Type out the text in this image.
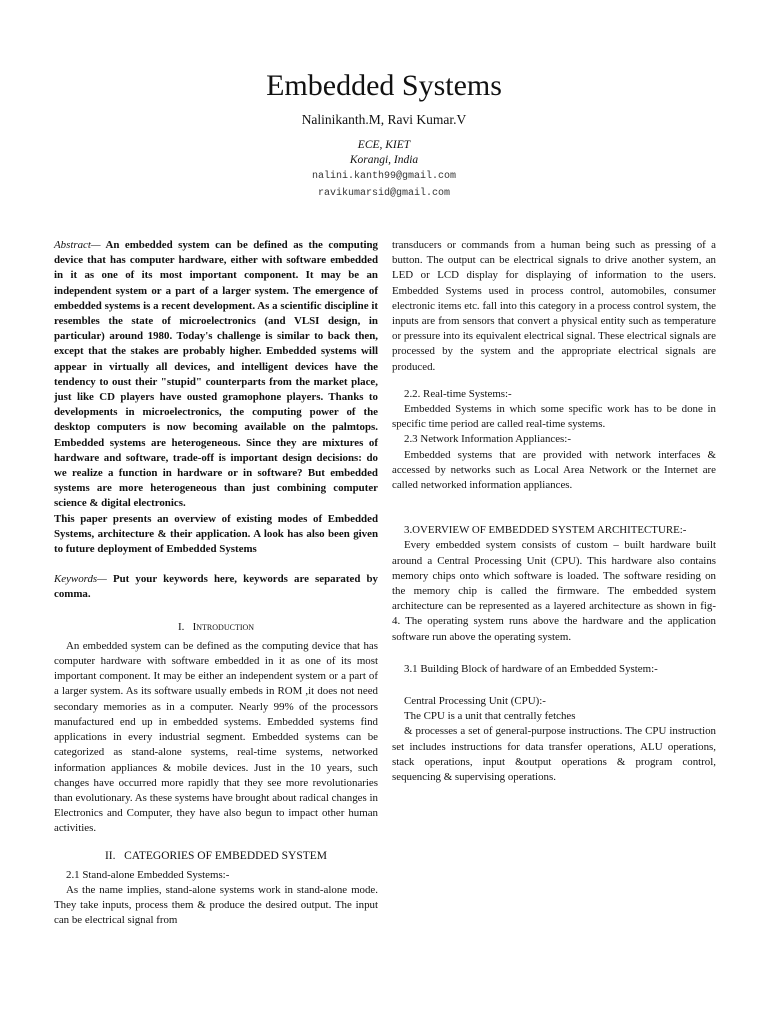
Embedded Systems
Nalinikanth.M, Ravi Kumar.V
ECE, KIET
Korangi, India
nalini.kanth99@gmail.com
ravikumarsid@gmail.com

Abstract— An embedded system can be defined as the computing device that has computer hardware, either with software embedded in it as one of its most important component. It may be an independent system or a part of a larger system. The emergence of embedded systems is a recent development. As a scientific discipline it resembles the state of microelectronics (and VLSI design, in particular) around 1980. Today's challenge is similar to back then, except that the stakes are probably higher. Embedded systems will appear in virtually all devices, and intelligent devices have the tendency to oust their "stupid" counterparts from the market place, just like CD players have ousted gramophone players. Thanks to developments in microelectronics, the computing power of the desktop computers is now becoming available on the palmtops. Embedded systems are heterogeneous. Since they are mixtures of hardware and software, trade-off is important design decisions: do we realize a function in hardware or in software? But embedded systems are more heterogeneous than just combining computer science & digital electronics.

This paper presents an overview of existing modes of Embedded Systems, architecture & their application. A look has also been given to future deployment of Embedded Systems

Keywords— Put your keywords here, keywords are separated by comma.

I. Introduction

An embedded system can be defined as the computing device that has computer hardware with software embedded in it as one of its most important component. It may be either an independent system or a part of a larger system. As its software usually embeds in ROM ,it does not need secondary memories as in a computer. Nearly 99% of the processors manufactured end up in embedded systems. Embedded systems find applications in every industrial segment. Embedded systems can be categorized as stand-alone systems, real-time systems, networked information appliances & mobile devices. Just in the 10 years, such changes have occurred more rapidly that they see more revolutionaries than evolutionary. As these systems have brought about radical changes in Electronics and Computer, they have also begun to impact other human activities.

II. CATEGORIES OF EMBEDDED SYSTEM

2.1 Stand-alone Embedded Systems:-

As the name implies, stand-alone systems work in stand-alone mode. They take inputs, process them & produce the desired output. The input can be electrical signal from

transducers or commands from a human being such as pressing of a button. The output can be electrical signals to drive another system, an LED or LCD display for displaying of information to the users. Embedded Systems used in process control, automobiles, consumer electronic items etc. fall into this category in a process control system, the inputs are from sensors that convert a physical entity such as temperature or pressure into its equivalent electrical signal. These electrical signals are processed by the system and the appropriate electrical signals are produced.

2.2. Real-time Systems:-

Embedded Systems in which some specific work has to be done in specific time period are called real-time systems.

2.3 Network Information Appliances:-

Embedded systems that are provided with network interfaces & accessed by networks such as Local Area Network or the Internet are called networked information appliances.

3.OVERVIEW OF EMBEDDED SYSTEM ARCHITECTURE:-

Every embedded system consists of custom – built hardware built around a Central Processing Unit (CPU). This hardware also contains memory chips onto which software is loaded. The software residing on the memory chip is called the firmware. The embedded system architecture can be represented as a layered architecture as shown in fig-4. The operating system runs above the hardware and the application software run above the operating system.

3.1 Building Block of hardware of an Embedded System:-

Central Processing Unit (CPU):-

The CPU is a unit that centrally fetches

& processes a set of general-purpose instructions. The CPU instruction set includes instructions for data transfer operations, ALU operations, stack operations, input &output operations & program control, sequencing & supervising operations.
